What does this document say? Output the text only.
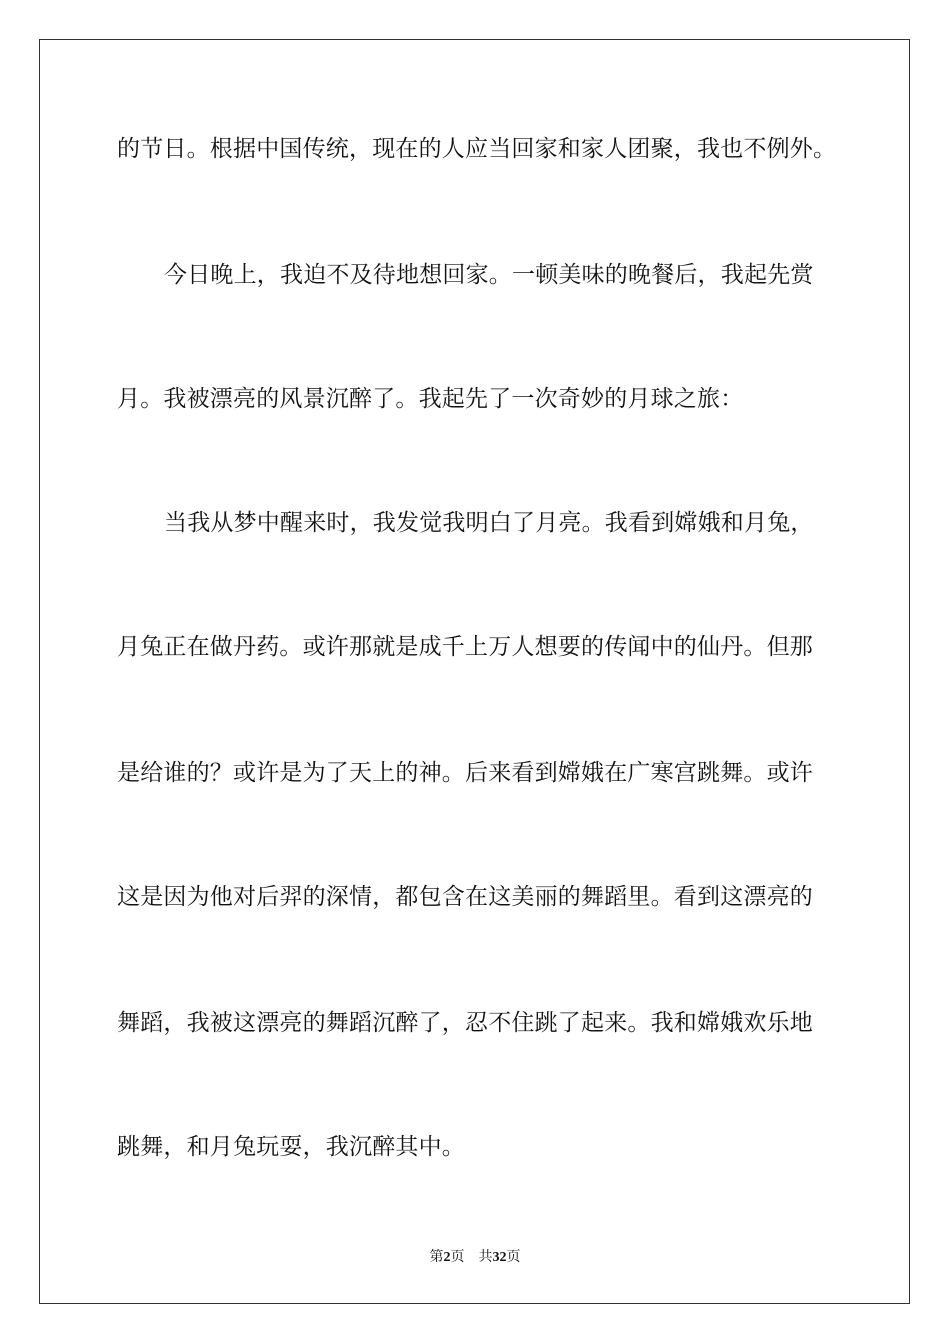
的节日。根据中国传统，现在的人应当回家和家人团聚，我也不例外。
今日晚上，我迫不及待地想回家。一顿美味的晚餐后，我起先赏
月。我被漂亮的风景沉醉了。我起先了一次奇妙的月球之旅：
当我从梦中醒来时，我发觉我明白了月亮。我看到嫦娥和月兔，
月兔正在做丹药。或许那就是成千上万人想要的传闻中的仙丹。但那
是给谁的？或许是为了天上的神。后来看到嫦娥在广寒宫跳舞。或许
这是因为他对后羿的深情，都包含在这美丽的舞蹈里。看到这漂亮的
舞蹈，我被这漂亮的舞蹈沉醉了，忍不住跳了起来。我和嫦娥欢乐地
跳舞，和月兔玩耍，我沉醉其中。
第2页 共32页
